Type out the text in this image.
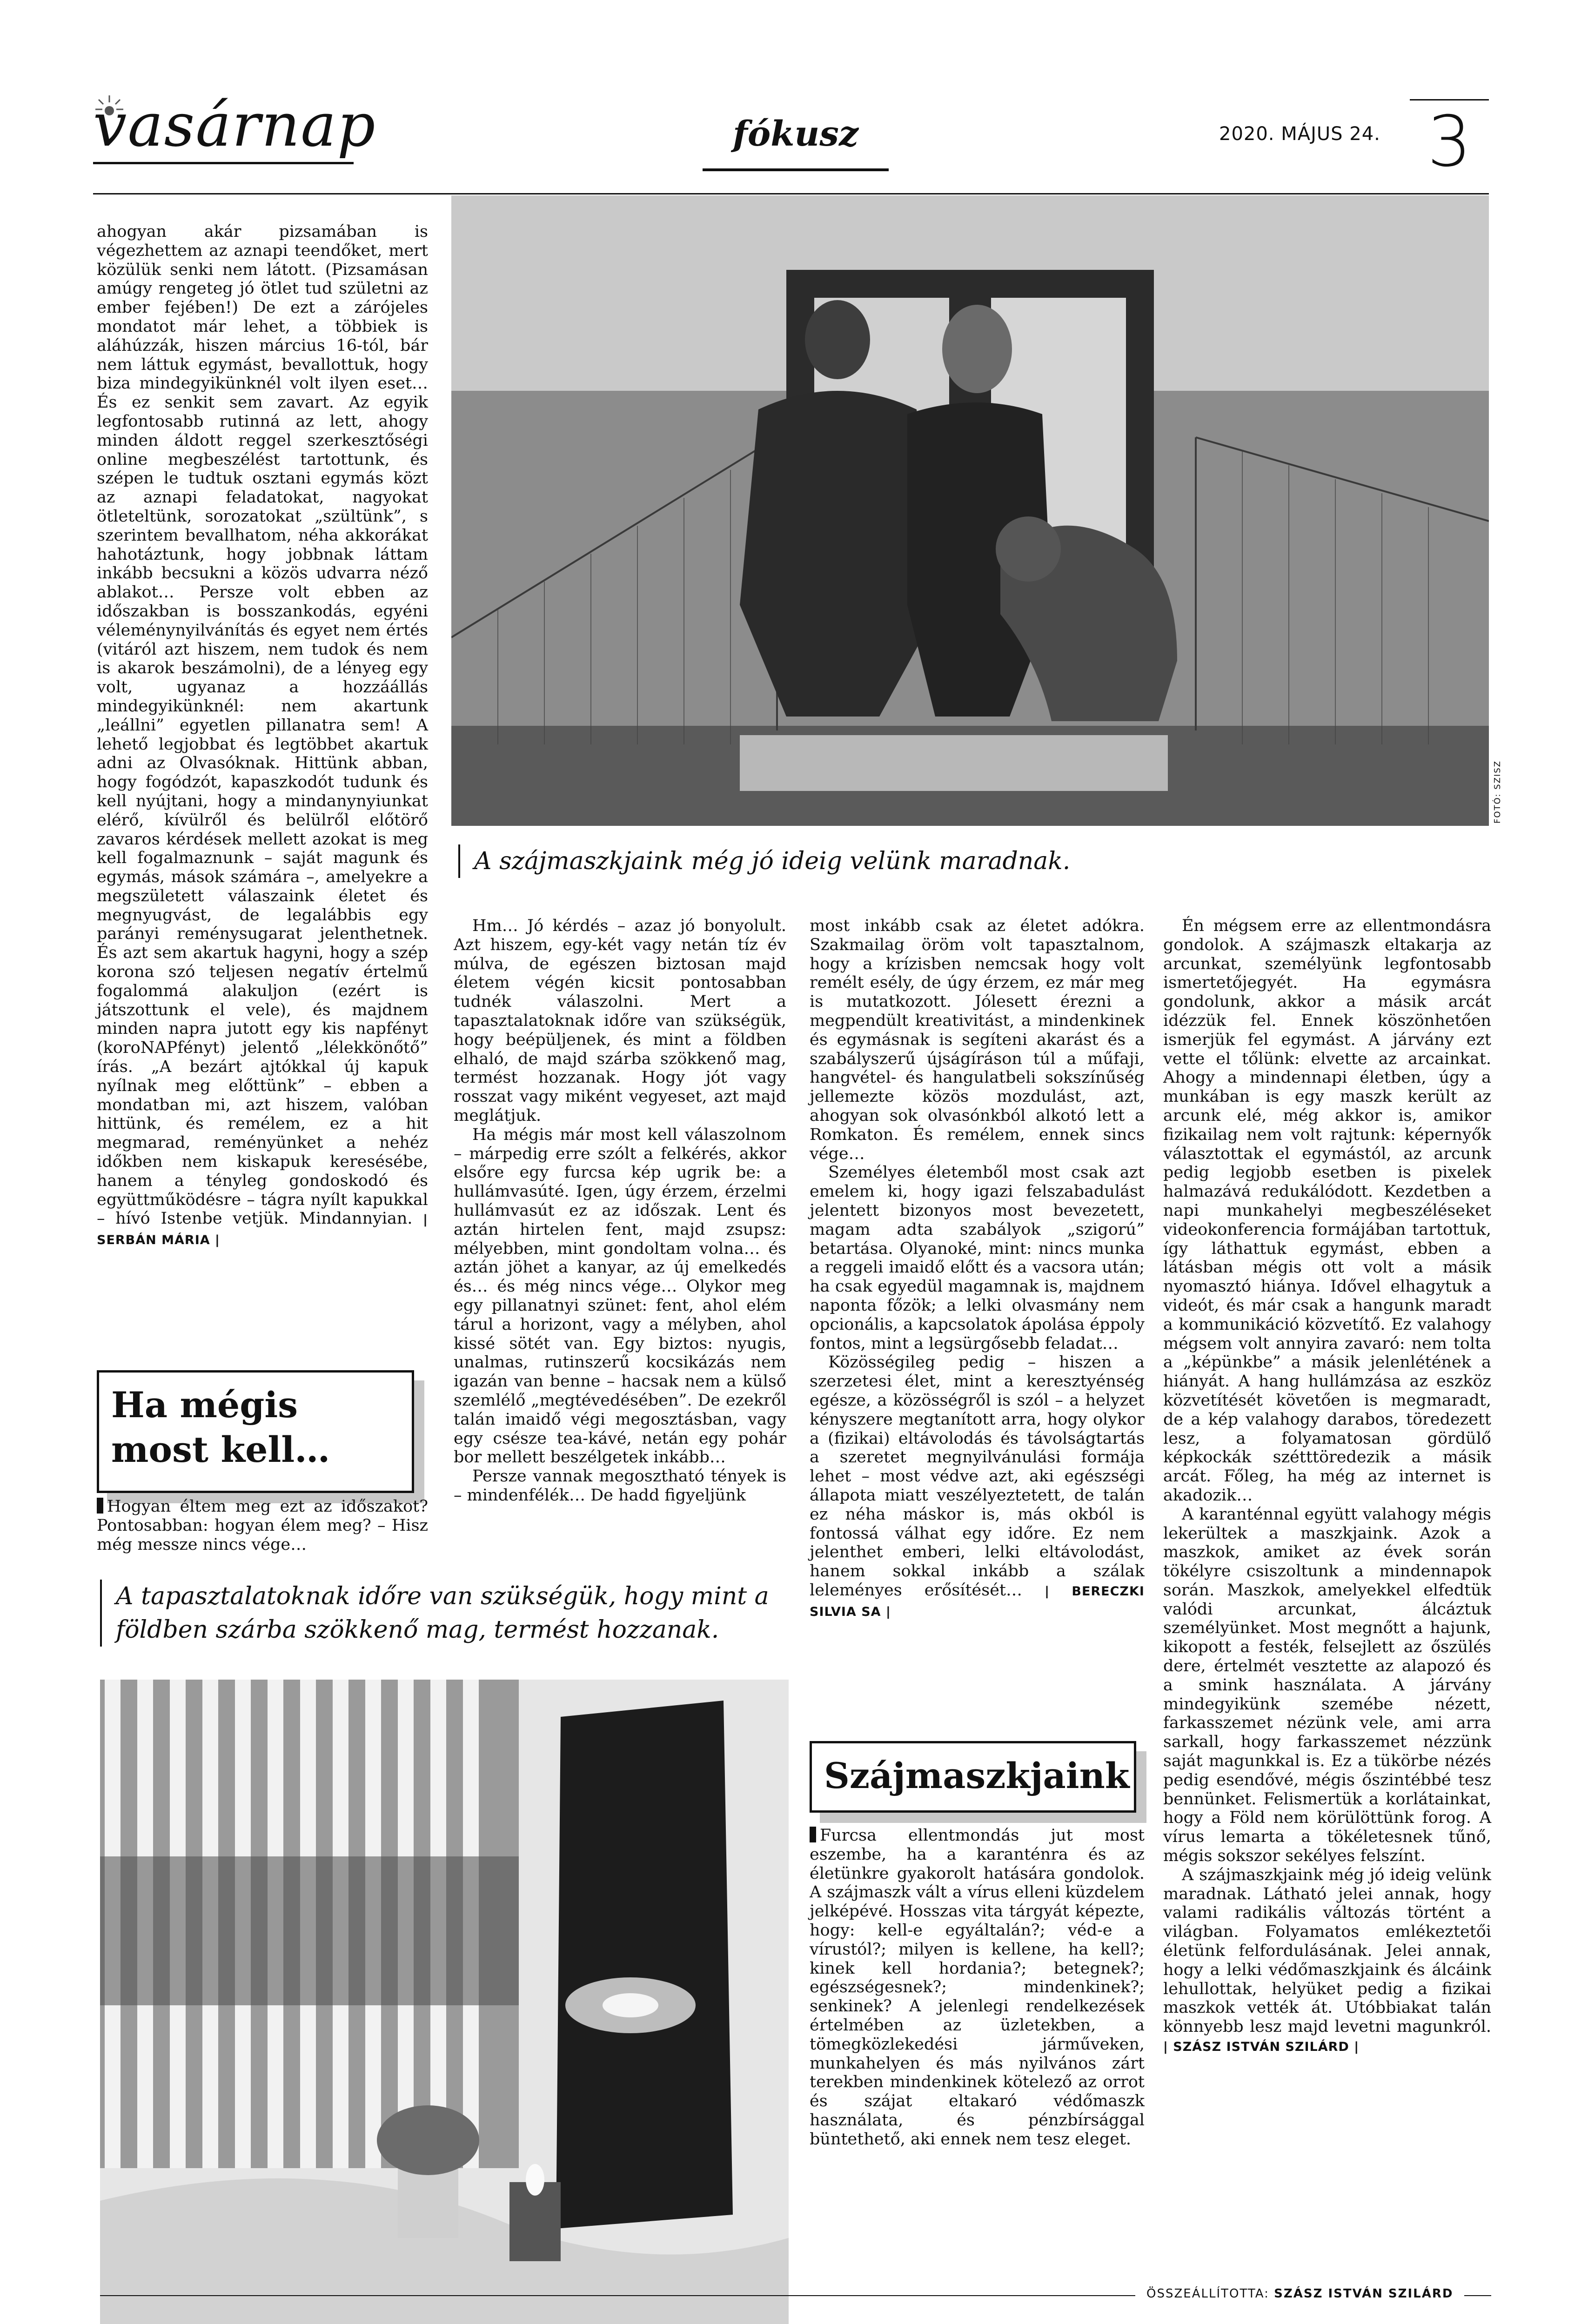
vasárnap	fókusz	2020. MÁJUS 24. 3
FOTÓ: SZISZ
A szájmaszkjaink még jó ideig velünk maradnak.

ahogyan akár pizsamában is végezhettem az aznapi teendőket, mert közülük senki nem látott. (Pizsamásan amúgy rengeteg jó ötlet tud születni az ember fejében!) De ezt a zárójeles mondatot már lehet, a többiek is aláhúzzák, hiszen március 16-tól, bár nem láttuk egymást, bevallottuk, hogy biza mindegyikünknél volt ilyen eset… És ez senkit sem zavart. Az egyik legfontosabb rutinná az lett, ahogy minden áldott reggel szerkesztőségi online megbeszélést tartottunk, és szépen le tudtuk osztani egymás közt az aznapi feladatokat, nagyokat ötleteltünk, sorozatokat „szültünk”, s szerintem bevallhatom, néha akkorákat hahotáztunk, hogy jobbnak láttam inkább becsukni a közös udvarra néző ablakot… Persze volt ebben az időszakban is bosszankodás, egyéni véleménynyilvánítás és egyet nem értés (vitáról azt hiszem, nem tudok és nem is akarok beszámolni), de a lényeg egy volt, ugyanaz a hozzáállás mindegyikünknél: nem akartunk „leállni” egyetlen pillanatra sem! A lehető legjobbat és legtöbbet akartuk adni az Olvasóknak. Hittünk abban, hogy fogódzót, kapaszkodót tudunk és kell nyújtani, hogy a mindanynyiunkat elérő, kívülről és belülről előtörő zavaros kérdések mellett azokat is meg kell fogalmaznunk – saját magunk és egymás, mások számára –, amelyekre a megszületett válaszaink életet és megnyugvást, de legalábbis egy parányi reménysugarat jelenthetnek. És azt sem akartuk hagyni, hogy a szép korona szó teljesen negatív értelmű fogalommá alakuljon (ezért is játszottunk el vele), és majdnem minden napra jutott egy kis napfényt (koroNAPfényt) jelentő „lélekkönőtő” írás. „A bezárt ajtókkal új kapuk nyílnak meg előttünk” – ebben a mondatban mi, azt hiszem, valóban hittünk, és remélem, ez a hit megmarad, reményünket a nehéz időkben nem kiskapuk keresésébe, hanem a tényleg gondoskodó és együttműködésre – tágra nyílt kapukkal – hívó Istenbe vetjük. Mindannyian. | SERBÁN MÁRIA |

Ha mégis most kell…

Hogyan éltem meg ezt az időszakot? Pontosabban: hogyan élem meg? – Hisz még messze nincs vége…

Hm… Jó kérdés – azaz jó bonyolult. Azt hiszem, egy-két vagy netán tíz év múlva, de egészen biztosan majd életem végén kicsit pontosabban tudnék válaszolni. Mert a tapasztalatoknak időre van szükségük, hogy beépüljenek, és mint a földben elhaló, de majd szárba szökkenő mag, termést hozzanak. Hogy jót vagy rosszat vagy miként vegyeset, azt majd meglátjuk.

Ha mégis már most kell válaszolnom – márpedig erre szólt a felkérés, akkor elsőre egy furcsa kép ugrik be: a hullámvasúté. Igen, úgy érzem, érzelmi hullámvasút ez az időszak. Lent és aztán hirtelen fent, majd zsupsz: mélyebben, mint gondoltam volna… és aztán jöhet a kanyar, az új emelkedés és… és még nincs vége… Olykor meg egy pillanatnyi szünet: fent, ahol elém tárul a horizont, vagy a mélyben, ahol kissé sötét van. Egy biztos: nyugis, unalmas, rutinszerű kocsikázás nem igazán van benne – hacsak nem a külső szemlélő „megtévedésében”. De ezekről talán imaidő végi megosztásban, vagy egy csésze tea-kávé, netán egy pohár bor mellett beszélgetek inkább…

Persze vannak megosztható tények is – mindenfélék… De hadd figyeljünk

most inkább csak az életet adókra. Szakmailag öröm volt tapasztalnom, hogy a krízisben nemcsak hogy volt remélt esély, de úgy érzem, ez már meg is mutatkozott. Jólesett érezni a megpendült kreativitást, a mindenkinek és egymásnak is segíteni akarást és a szabályszerű újságíráson túl a műfaji, hangvétel- és hangulatbeli sokszínűség jellemezte közös mozdulást, azt, ahogyan sok olvasónkból alkotó lett a Romkaton. És remélem, ennek sincs vége…

Személyes életemből most csak azt emelem ki, hogy igazi felszabadulást jelentett bizonyos most bevezetett, magam adta szabályok „szigorú” betartása. Olyanoké, mint: nincs munka a reggeli imaidő előtt és a vacsora után; ha csak egyedül magamnak is, majdnem naponta főzök; a lelki olvasmány nem opcionális, a kapcsolatok ápolása éppoly fontos, mint a legsürgősebb feladat…

Közösségileg pedig – hiszen a szerzetesi élet, mint a keresztyénség egésze, a közösségről is szól – a helyzet kényszere megtanított arra, hogy olykor a (fizikai) eltávolodás és távolságtartás a szeretet megnyilvánulási formája lehet – most védve azt, aki egészségi állapota miatt veszélyeztetett, de talán ez néha máskor is, más okból is fontossá válhat egy időre. Ez nem jelenthet emberi, lelki eltávolodást, hanem sokkal inkább a szálak leleményes erősítését… | BERECZKI SILVIA SA |

A tapasztalatoknak időre van szükségük, hogy mint a földben szárba szökkenő mag, termést hozzanak.
Szájmaszkjaink

Furcsa ellentmondás jut most eszembe, ha a karanténra és az életünkre gyakorolt hatására gondolok. A szájmaszk vált a vírus elleni küzdelem jelképévé. Hosszas vita tárgyát képezte, hogy: kell-e egyáltalán?; véd-e a vírustól?; milyen is kellene, ha kell?; kinek kell hordania?; betegnek?; egészségesnek?; mindenkinek?; senkinek? A jelenlegi rendelkezések értelmében az üzletekben, a tömegközlekedési járműveken, munkahelyen és más nyilvános zárt terekben mindenkinek kötelező az orrot és szájat eltakaró védőmaszk használata, és pénzbírsággal büntethető, aki ennek nem tesz eleget.

Én mégsem erre az ellentmondásra gondolok. A szájmaszk eltakarja az arcunkat, személyünk legfontosabb ismertetőjegyét. Ha egymásra gondolunk, akkor a másik arcát idézzük fel. Ennek köszönhetően ismerjük fel egymást. A járvány ezt vette el tőlünk: elvette az arcainkat. Ahogy a mindennapi életben, úgy a munkában is egy maszk került az arcunk elé, még akkor is, amikor fizikailag nem volt rajtunk: képernyők választottak el egymástól, az arcunk pedig legjobb esetben is pixelek halmazává redukálódott. Kezdetben a napi munkahelyi megbeszéléseket videokonferencia formájában tartottuk, így láthattuk egymást, ebben a látásban mégis ott volt a másik nyomasztó hiánya. Idővel elhagytuk a videót, és már csak a hangunk maradt a kommunikáció közvetítő. Ez valahogy mégsem volt annyira zavaró: nem tolta a „képünkbe” a másik jelenlétének a hiányát. A hang hullámzása az eszköz közvetítését követően is megmaradt, de a kép valahogy darabos, töredezett lesz, a folyamatosan gördülő képkockák szétttöredezik a másik arcát. Főleg, ha még az internet is akadozik…

A karanténnal együtt valahogy mégis lekerültek a maszkjaink. Azok a maszkok, amiket az évek során tökélyre csiszoltunk a mindennapok során. Maszkok, amelyekkel elfedtük valódi arcunkat, álcáztuk személyünket. Most megnőtt a hajunk, kikopott a festék, felsejlett az őszülés dere, értelmét vesztette az alapozó és a smink használata. A járvány mindegyikünk szemébe nézett, farkasszemet nézünk vele, ami arra sarkall, hogy farkasszemet nézzünk saját magunkkal is. Ez a tükörbe nézés pedig esendővé, mégis őszintébbé tesz bennünket. Felismertük a korlátainkat, hogy a Föld nem körülöttünk forog. A vírus lemarta a tökéletesnek tűnő, mégis sokszor sekélyes felszínt.

A szájmaszkjaink még jó ideig velünk maradnak. Látható jelei annak, hogy valami radikális változás történt a világban. Folyamatos emlékeztetői életünk felfordulásának. Jelei annak, hogy a lelki védőmaszkjaink és álcáink lehullottak, helyüket pedig a fizikai maszkok vették át. Utóbbiakat talán könnyebb lesz majd levetni magunkról. | SZÁSZ ISTVÁN SZILÁRD |

ÖSSZEÁLLÍTOTTA: SZÁSZ ISTVÁN SZILÁRD
